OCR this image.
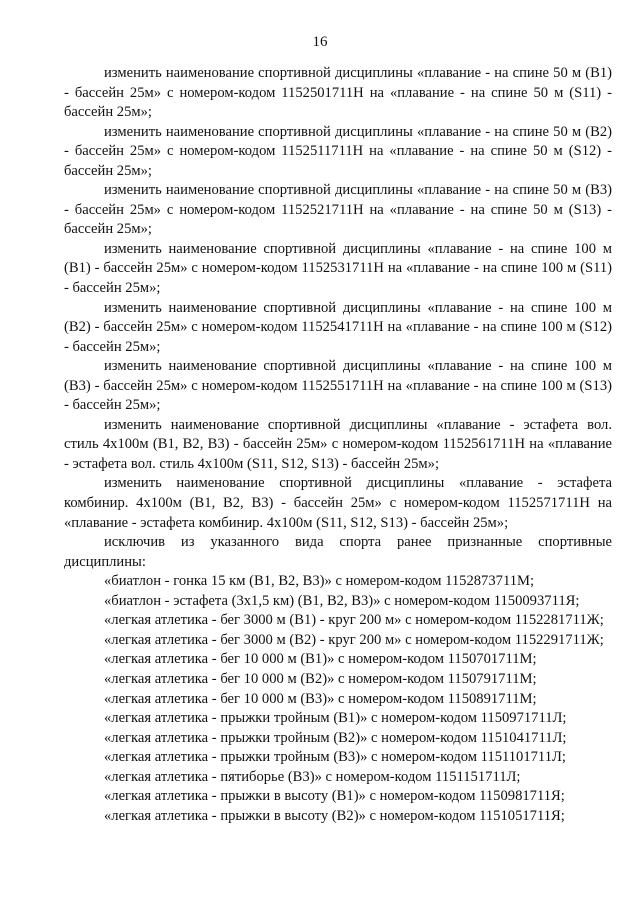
16

изменить наименование спортивной дисциплины «плавание - на спине 50 м (B1) - бассейн 25м» с номером-кодом 1152501711Н на «плавание - на спине 50 м (S11) - бассейн 25м»;

изменить наименование спортивной дисциплины «плавание - на спине 50 м (B2) - бассейн 25м» с номером-кодом 1152511711Н на «плавание - на спине 50 м (S12) - бассейн 25м»;

изменить наименование спортивной дисциплины «плавание - на спине 50 м (B3) - бассейн 25м» с номером-кодом 1152521711Н на «плавание - на спине 50 м (S13) - бассейн 25м»;

изменить наименование спортивной дисциплины «плавание - на спине 100 м (B1) - бассейн 25м» с номером-кодом 1152531711Н на «плавание - на спине 100 м (S11) - бассейн 25м»;

изменить наименование спортивной дисциплины «плавание - на спине 100 м (B2) - бассейн 25м» с номером-кодом 1152541711Н на «плавание - на спине 100 м (S12) - бассейн 25м»;

изменить наименование спортивной дисциплины «плавание - на спине 100 м (B3) - бассейн 25м» с номером-кодом 1152551711Н на «плавание - на спине 100 м (S13) - бассейн 25м»;

изменить наименование спортивной дисциплины «плавание - эстафета вол. стиль 4х100м (B1, B2, B3) - бассейн 25м» с номером-кодом 1152561711Н на «плавание - эстафета вол. стиль 4х100м (S11, S12, S13) - бассейн 25м»;

изменить наименование спортивной дисциплины «плавание - эстафета комбинир. 4х100м (B1, B2, B3) - бассейн 25м» с номером-кодом 1152571711Н на «плавание - эстафета комбинир. 4х100м (S11, S12, S13) - бассейн 25м»;

исключив из указанного вида спорта ранее признанные спортивные дисциплины:

«биатлон - гонка 15 км (B1, B2, B3)» с номером-кодом 1152873711М;

«биатлон - эстафета (3х1,5 км) (B1, B2, B3)» с номером-кодом 1150093711Я;

«легкая атлетика - бег 3000 м (B1) - круг 200 м» с номером-кодом 1152281711Ж;

«легкая атлетика - бег 3000 м (B2) - круг 200 м» с номером-кодом 1152291711Ж;

«легкая атлетика - бег 10 000 м (B1)» с номером-кодом 1150701711М;

«легкая атлетика - бег 10 000 м (B2)» с номером-кодом 1150791711М;

«легкая атлетика - бег 10 000 м (B3)» с номером-кодом 1150891711М;

«легкая атлетика - прыжки тройным (B1)» с номером-кодом 1150971711Л;

«легкая атлетика - прыжки тройным (B2)» с номером-кодом 1151041711Л;

«легкая атлетика - прыжки тройным (B3)» с номером-кодом 1151101711Л;

«легкая атлетика - пятиборье (B3)» с номером-кодом 1151151711Л;

«легкая атлетика - прыжки в высоту (B1)» с номером-кодом 1150981711Я;

«легкая атлетика - прыжки в высоту (B2)» с номером-кодом 1151051711Я;
